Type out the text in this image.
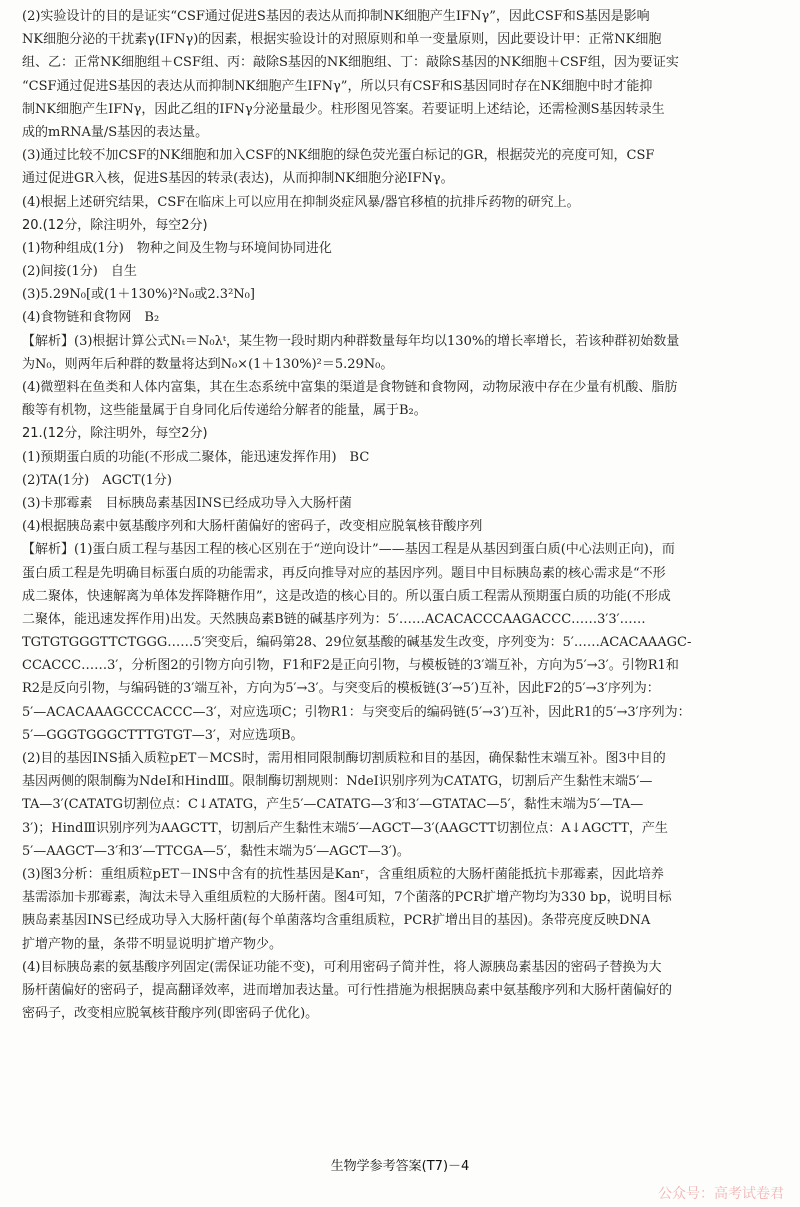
(2)实验设计的目的是证实“CSF通过促进S基因的表达从而抑制NK细胞产生IFNγ”，因此CSF和S基因是影响
NK细胞分泌的干扰素γ(IFNγ)的因素，根据实验设计的对照原则和单一变量原则，因此要设计甲：正常NK细胞
组、乙：正常NK细胞组＋CSF组、丙：敲除S基因的NK细胞组、丁：敲除S基因的NK细胞＋CSF组，因为要证实
“CSF通过促进S基因的表达从而抑制NK细胞产生IFNγ”，所以只有CSF和S基因同时存在NK细胞中时才能抑
制NK细胞产生IFNγ，因此乙组的IFNγ分泌量最少。柱形图见答案。若要证明上述结论，还需检测S基因转录生
成的mRNA量/S基因的表达量。
(3)通过比较不加CSF的NK细胞和加入CSF的NK细胞的绿色荧光蛋白标记的GR，根据荧光的亮度可知，CSF
通过促进GR入核，促进S基因的转录(表达)，从而抑制NK细胞分泌IFNγ。
(4)根据上述研究结果，CSF在临床上可以应用在抑制炎症风暴/器官移植的抗排斥药物的研究上。
20.(12分，除注明外，每空2分)
(1)物种组成(1分)　物种之间及生物与环境间协同进化
(2)间接(1分)　自生
(3)5.29N₀[或(1＋130%)²N₀或2.3²N₀]
(4)食物链和食物网　B₂
【解析】(3)根据计算公式Nₜ＝N₀λᵗ，某生物一段时期内种群数量每年均以130%的增长率增长，若该种群初始数量
为N₀，则两年后种群的数量将达到N₀×(1＋130%)²＝5.29N₀。
(4)微塑料在鱼类和人体内富集，其在生态系统中富集的渠道是食物链和食物网，动物尿液中存在少量有机酸、脂肪
酸等有机物，这些能量属于自身同化后传递给分解者的能量，属于B₂。
21.(12分，除注明外，每空2分)
(1)预期蛋白质的功能(不形成二聚体，能迅速发挥作用)　BC
(2)TA(1分)　AGCT(1分)
(3)卡那霉素　目标胰岛素基因INS已经成功导入大肠杆菌
(4)根据胰岛素中氨基酸序列和大肠杆菌偏好的密码子，改变相应脱氧核苷酸序列
【解析】(1)蛋白质工程与基因工程的核心区别在于“逆向设计”——基因工程是从基因到蛋白质(中心法则正向)，而
蛋白质工程是先明确目标蛋白质的功能需求，再反向推导对应的基因序列。题目中目标胰岛素的核心需求是“不形
成二聚体，快速解离为单体发挥降糖作用”，这是改造的核心目的。所以蛋白质工程需从预期蛋白质的功能(不形成
二聚体，能迅速发挥作用)出发。天然胰岛素B链的碱基序列为：5′……ACACACCCAAGACCC……3′3′……
TGTGTGGGTTCTGGG……5′突变后，编码第28、29位氨基酸的碱基发生改变，序列变为：5′……ACACAAAGC-
CCACCC……3′，分析图2的引物方向引物，F1和F2是正向引物，与模板链的3′端互补，方向为5′→3′。引物R1和
R2是反向引物，与编码链的3′端互补，方向为5′→3′。与突变后的模板链(3′→5′)互补，因此F2的5′→3′序列为：
5′—ACACAAAGCCCACCC—3′，对应选项C；引物R1：与突变后的编码链(5′→3′)互补，因此R1的5′→3′序列为：
5′—GGGTGGGCTTTGTGT—3′，对应选项B。
(2)目的基因INS插入质粒pET－MCS时，需用相同限制酶切割质粒和目的基因，确保黏性末端互补。图3中目的
基因两侧的限制酶为NdeⅠ和HindⅢ。限制酶切割规则：NdeⅠ识别序列为CATATG，切割后产生黏性末端5′—
TA—3′(CATATG切割位点：C↓ATATG，产生5′—CATATG—3′和3′—GTATAC—5′，黏性末端为5′—TA—
3′)；HindⅢ识别序列为AAGCTT，切割后产生黏性末端5′—AGCT—3′(AAGCTT切割位点：A↓AGCTT，产生
5′—AAGCT—3′和3′—TTCGA—5′，黏性末端为5′—AGCT—3′)。
(3)图3分析：重组质粒pET－INS中含有的抗性基因是Kanʳ，含重组质粒的大肠杆菌能抵抗卡那霉素，因此培养
基需添加卡那霉素，淘汰未导入重组质粒的大肠杆菌。图4可知，7个菌落的PCR扩增产物均为330 bp，说明目标
胰岛素基因INS已经成功导入大肠杆菌(每个单菌落均含重组质粒，PCR扩增出目的基因)。条带亮度反映DNA
扩增产物的量，条带不明显说明扩增产物少。
(4)目标胰岛素的氨基酸序列固定(需保证功能不变)，可利用密码子简并性，将人源胰岛素基因的密码子替换为大
肠杆菌偏好的密码子，提高翻译效率，进而增加表达量。可行性措施为根据胰岛素中氨基酸序列和大肠杆菌偏好的
密码子，改变相应脱氧核苷酸序列(即密码子优化)。
生物学参考答案(T7)－4
公众号：高考试卷君
